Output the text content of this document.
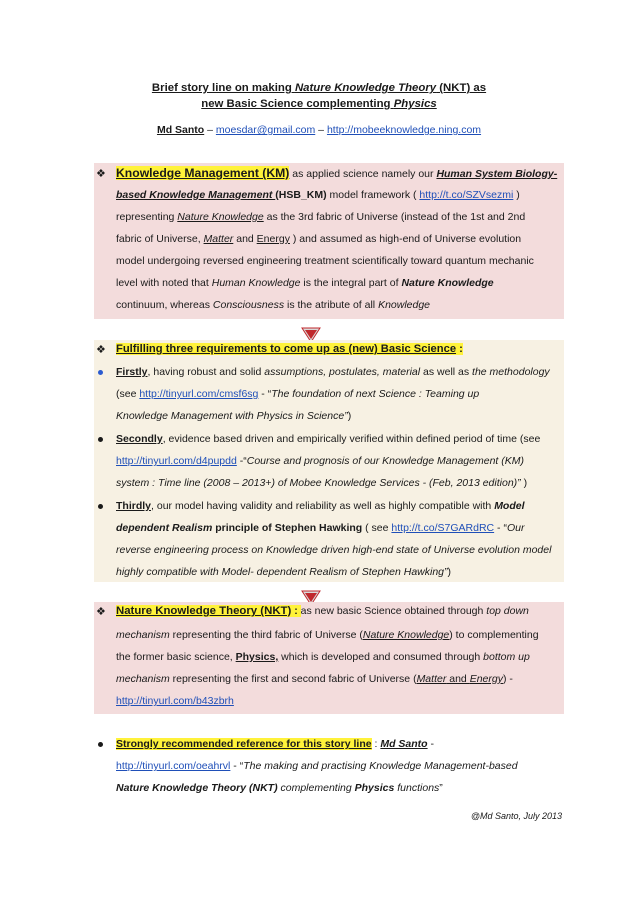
Brief story line on making Nature Knowledge Theory (NKT) as
new Basic Science complementing Physics
Md Santo – moesdar@gmail.com – http://mobeeknowledge.ning.com
❖ Knowledge Management (KM) as applied science namely our Human System Biology-
based Knowledge Management (HSB_KM) model framework ( http://t.co/SZVsezmi )
representing Nature Knowledge as the 3rd fabric of Universe (instead of the 1st and 2nd
fabric of Universe, Matter and Energy ) and assumed as high-end of Universe evolution
model undergoing reversed engineering treatment scientifically toward quantum mechanic
level with noted that Human Knowledge is the integral part of Nature Knowledge
continuum, whereas Consciousness is the atribute of all Knowledge
❖ Fulfilling three requirements to come up as (new) Basic Science :
Firstly, having robust and solid assumptions, postulates, material as well as the methodology
(see http://tinyurl.com/cmsf6sg - “The foundation of next Science : Teaming up
Knowledge Management with Physics in Science”)
Secondly, evidence based driven and empirically verified within defined period of time (see
http://tinyurl.com/d4pupdd -“Course and prognosis of our Knowledge Management (KM)
system : Time line (2008 – 2013+) of Mobee Knowledge Services - (Feb, 2013 edition)” )
Thirdly, our model having validity and reliability as well as highly compatible with Model
dependent Realism principle of Stephen Hawking ( see http://t.co/S7GARdRC - “Our
reverse engineering process on Knowledge driven high-end state of Universe evolution model
highly compatible with Model- dependent Realism of Stephen Hawking”)
❖ Nature Knowledge Theory (NKT) : as new basic Science obtained through top down
mechanism representing the third fabric of Universe (Nature Knowledge) to complementing
the former basic science, Physics, which is developed and consumed through bottom up
mechanism representing the first and second fabric of Universe (Matter and Energy) -
http://tinyurl.com/b43zbrh
Strongly recommended reference for this story line : Md Santo -
http://tinyurl.com/oeahrvl - “The making and practising Knowledge Management-based
Nature Knowledge Theory (NKT) complementing Physics functions”
@Md Santo, July 2013
